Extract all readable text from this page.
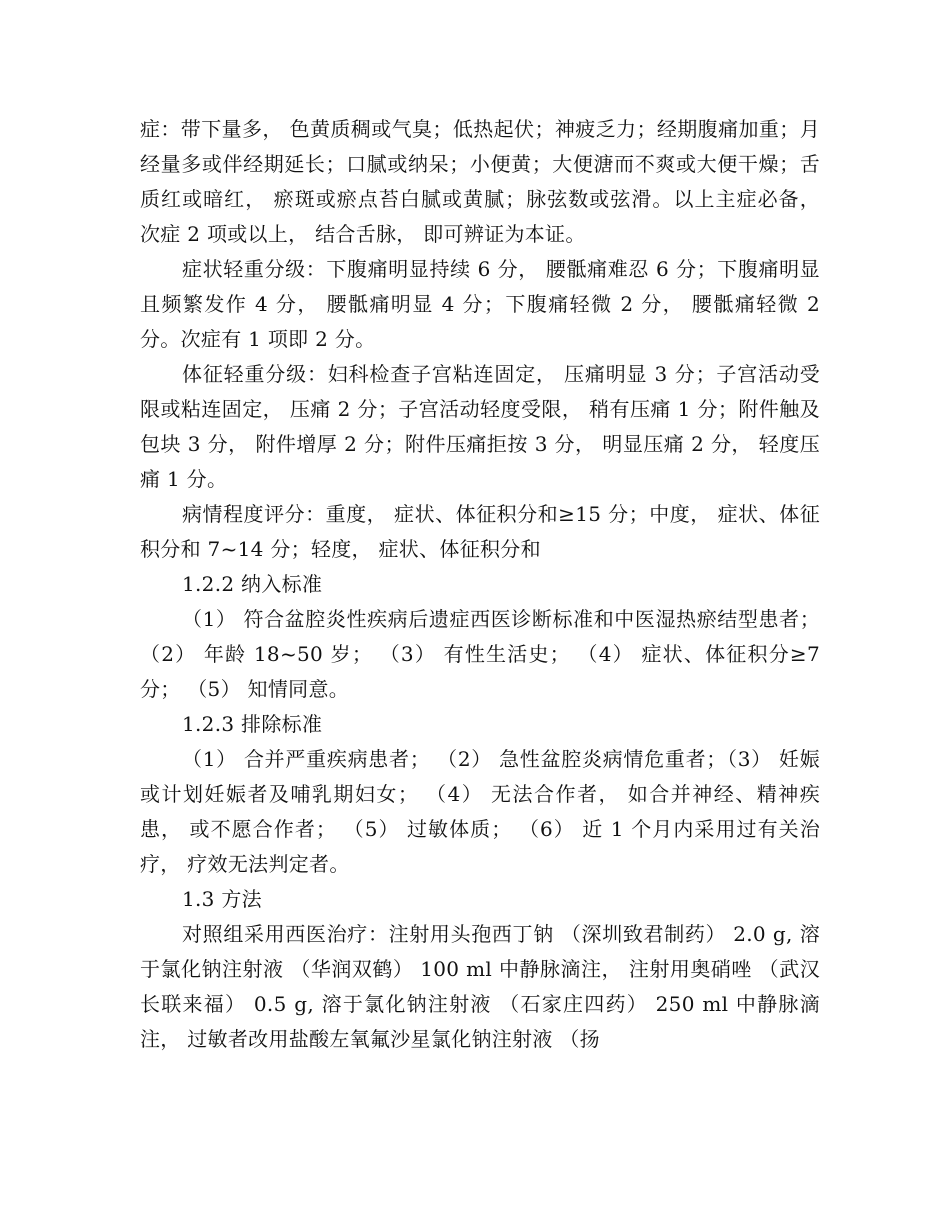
症：带下量多， 色黄质稠或气臭；低热起伏；神疲乏力；经期腹痛加重；月经量多或伴经期延长；口腻或纳呆；小便黄；大便溏而不爽或大便干燥；舌质红或暗红， 瘀斑或瘀点苔白腻或黄腻；脉弦数或弦滑。以上主症必备， 次症 2 项或以上， 结合舌脉， 即可辨证为本证。

症状轻重分级：下腹痛明显持续 6 分， 腰骶痛难忍 6 分；下腹痛明显且频繁发作 4 分， 腰骶痛明显 4 分；下腹痛轻微 2 分， 腰骶痛轻微 2 分。次症有 1 项即 2 分。

体征轻重分级：妇科检查子宫粘连固定， 压痛明显 3 分；子宫活动受限或粘连固定， 压痛 2 分；子宫活动轻度受限， 稍有压痛 1 分；附件触及包块 3 分， 附件增厚 2 分；附件压痛拒按 3 分， 明显压痛 2 分， 轻度压痛 1 分。

病情程度评分：重度， 症状、体征积分和≥15 分；中度， 症状、体征积分和 7~14 分；轻度， 症状、体征积分和

1.2.2 纳入标准

（1） 符合盆腔炎性疾病后遗症西医诊断标准和中医湿热瘀结型患者； （2） 年龄 18~50 岁； （3） 有性生活史； （4） 症状、体征积分≥7 分； （5） 知情同意。

1.2.3 排除标准

（1） 合并严重疾病患者； （2） 急性盆腔炎病情危重者；（3） 妊娠或计划妊娠者及哺乳期妇女； （4） 无法合作者， 如合并神经、精神疾患， 或不愿合作者； （5） 过敏体质； （6） 近 1 个月内采用过有关治疗， 疗效无法判定者。

1.3 方法

对照组采用西医治疗：注射用头孢西丁钠 （深圳致君制药） 2.0 g, 溶于氯化钠注射液 （华润双鹤） 100 ml 中静脉滴注， 注射用奥硝唑 （武汉长联来福） 0.5 g, 溶于氯化钠注射液 （石家庄四药） 250 ml 中静脉滴注， 过敏者改用盐酸左氧氟沙星氯化钠注射液 （扬
